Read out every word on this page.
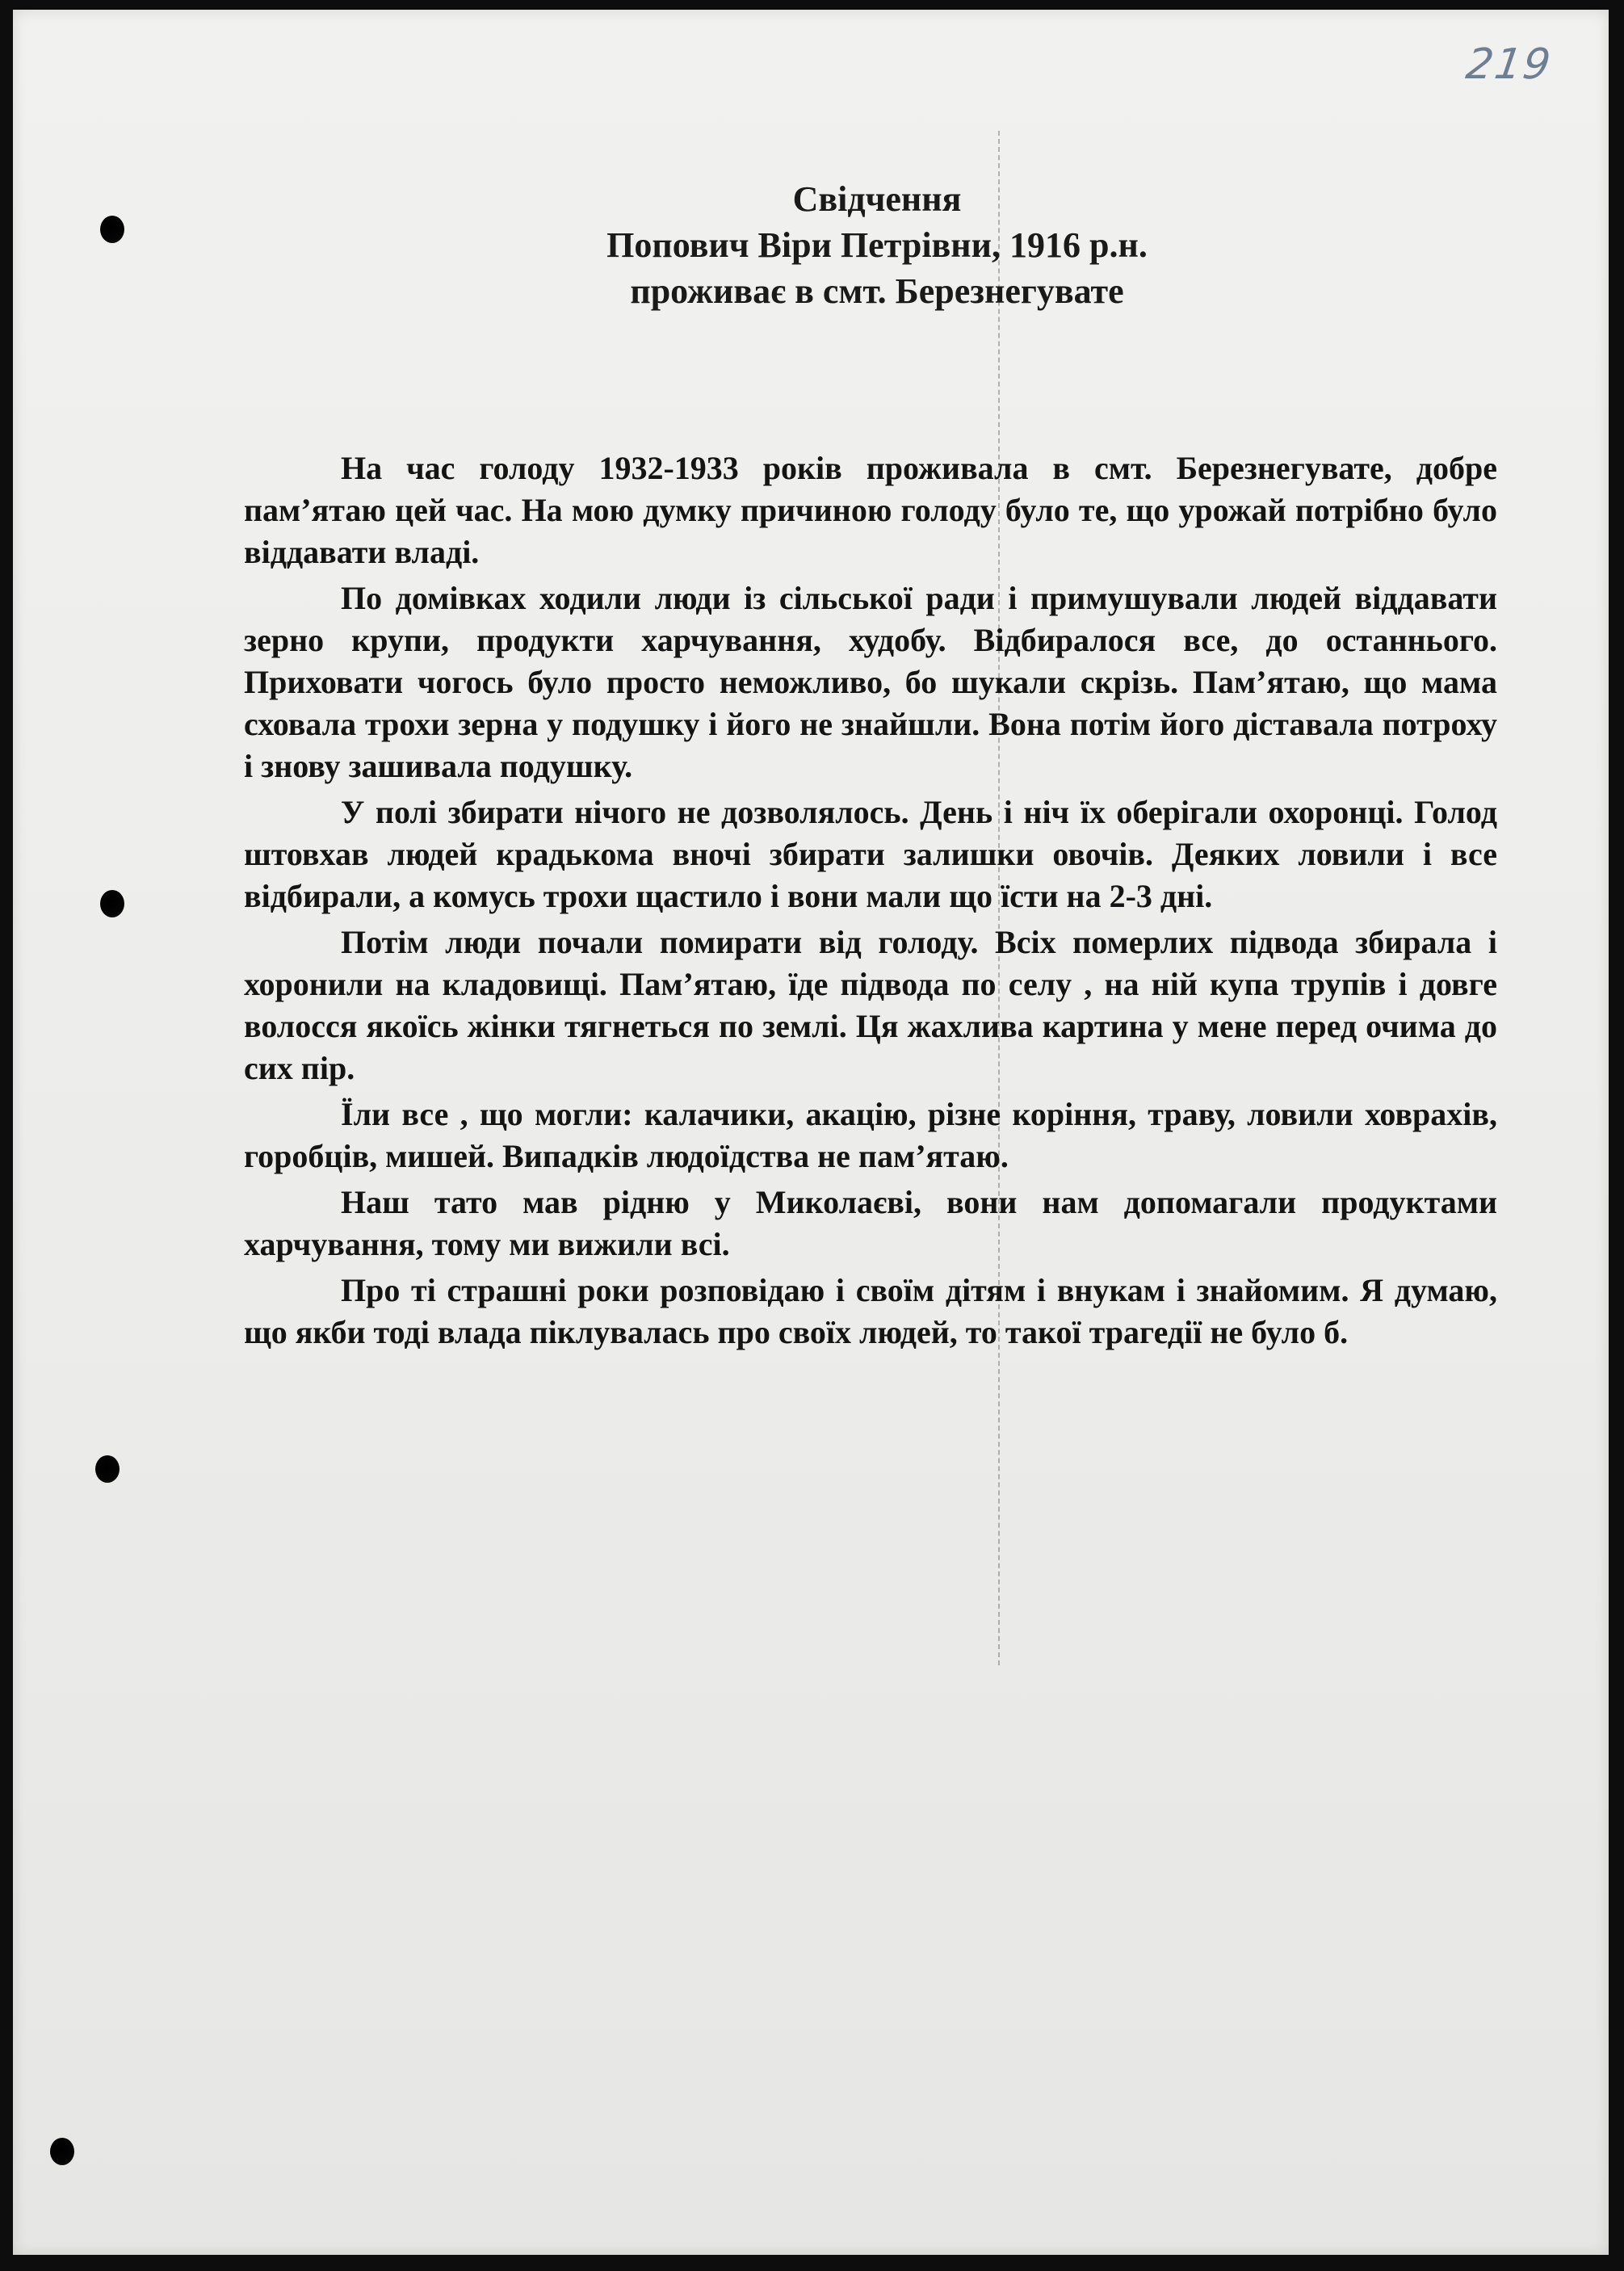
219
Свідчення
Попович Віри Петрівни, 1916 р.н.
проживає в смт. Березнегувате

На час голоду 1932-1933 років проживала в смт. Березнегувате, добре пам’ятаю цей час. На мою думку причиною голоду було те, що урожай потрібно було віддавати владі.

По домівках ходили люди із сільської ради і примушували людей віддавати зерно крупи, продукти харчування, худобу. Відбиралося все, до останнього. Приховати чогось було просто неможливо, бо шукали скрізь. Пам’ятаю, що мама сховала трохи зерна у подушку і його не знайшли. Вона потім його діставала потроху і знову зашивала подушку.

У полі збирати нічого не дозволялось. День і ніч їх оберігали охоронці. Голод штовхав людей крадькома вночі збирати залишки овочів. Деяких ловили і все відбирали, а комусь трохи щастило і вони мали що їсти на 2-3 дні.

Потім люди почали помирати від голоду. Всіх померлих підвода збирала і хоронили на кладовищі. Пам’ятаю, їде підвода по селу , на ній купа трупів і довге волосся якоїсь жінки тягнеться по землі. Ця жахлива картина у мене перед очима до сих пір.

Їли все , що могли: калачики, акацію, різне коріння, траву, ловили ховрахів, горобців, мишей. Випадків людоїдства не пам’ятаю.

Наш тато мав рідню у Миколаєві, вони нам допомагали продуктами харчування, тому ми вижили всі.

Про ті страшні роки розповідаю і своїм дітям і внукам і знайомим. Я думаю, що якби тоді влада піклувалась про своїх людей, то такої трагедії не було б.
